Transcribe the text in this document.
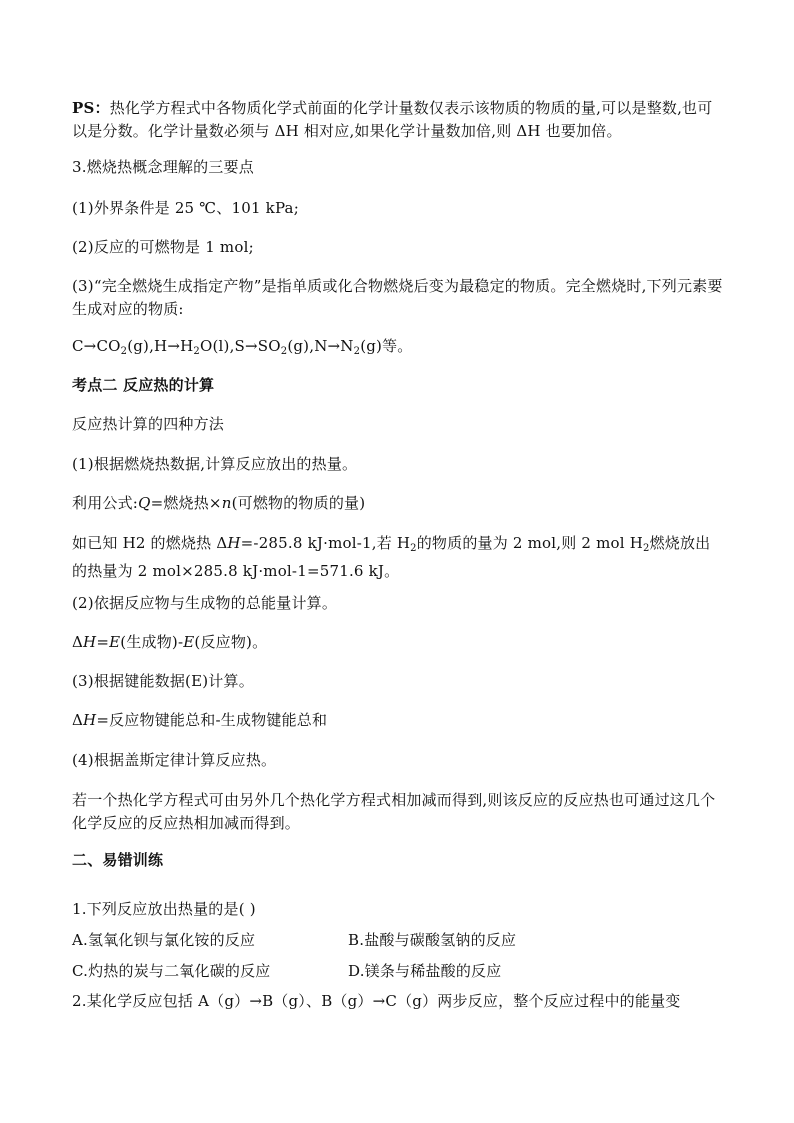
PS：热化学方程式中各物质化学式前面的化学计量数仅表示该物质的物质的量,可以是整数,也可以是分数。化学计量数必须与 ΔH 相对应,如果化学计量数加倍,则 ΔH 也要加倍。
3.燃烧热概念理解的三要点
(1)外界条件是 25 ℃、101 kPa;
(2)反应的可燃物是 1 mol;
(3)“完全燃烧生成指定产物”是指单质或化合物燃烧后变为最稳定的物质。完全燃烧时,下列元素要生成对应的物质:
$C\to CO_2(g),H\to H_2O(l),S\to SO_2(g),N\to N_2(g)$等。
考点二 反应热的计算
反应热计算的四种方法
(1)根据燃烧热数据,计算反应放出的热量。
利用公式:Q=燃烧热×n(可燃物的物质的量)
如已知 H2 的燃烧热 ΔH=-285.8 kJ·mol-1,若 $H_2$的物质的量为 2 mol,则 2 mol $H_2$燃烧放出的热量为 2 mol×285.8 kJ·mol-1=571.6 kJ。
(2)依据反应物与生成物的总能量计算。
ΔH=E(生成物)-E(反应物)。
(3)根据键能数据(E)计算。
ΔH=反应物键能总和-生成物键能总和
(4)根据盖斯定律计算反应热。
若一个热化学方程式可由另外几个热化学方程式相加减而得到,则该反应的反应热也可通过这几个化学反应的反应热相加减而得到。
二、易错训练
1.下列反应放出热量的是( )
A.氢氧化钡与氯化铵的反应	B.盐酸与碳酸氢钠的反应
C.灼热的炭与二氧化碳的反应	D.镁条与稀盐酸的反应
2.某化学反应包括 A（g）→B（g）、B（g）→C（g）两步反应，整个反应过程中的能量变
